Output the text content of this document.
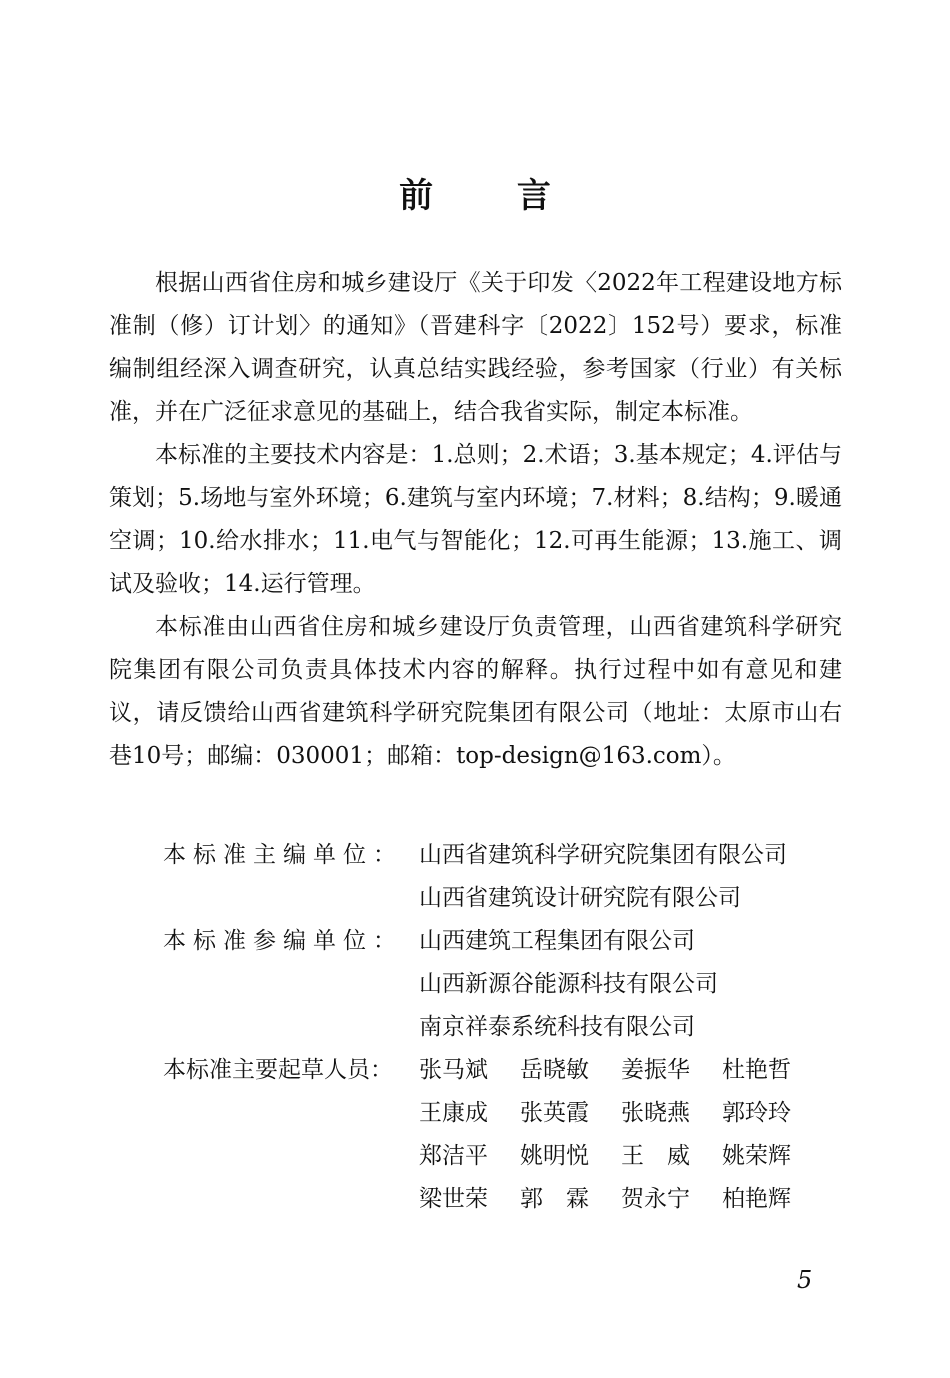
前 言

根据山西省住房和城乡建设厅《关于印发〈2022年工程建设地方标准制（修）订计划〉的通知》（晋建科字〔2022〕152号）要求，标准编制组经深入调查研究，认真总结实践经验，参考国家（行业）有关标准，并在广泛征求意见的基础上，结合我省实际，制定本标准。

本标准的主要技术内容是：1.总则；2.术语；3.基本规定；4.评估与策划；5.场地与室外环境；6.建筑与室内环境；7.材料；8.结构；9.暖通空调；10.给水排水；11.电气与智能化；12.可再生能源；13.施工、调试及验收；14.运行管理。

本标准由山西省住房和城乡建设厅负责管理，山西省建筑科学研究院集团有限公司负责具体技术内容的解释。执行过程中如有意见和建议，请反馈给山西省建筑科学研究院集团有限公司（地址：太原市山右巷10号；邮编：030001；邮箱：top-design@163.com）。

本标准主编单位： 山西省建筑科学研究院集团有限公司
山西省建筑设计研究院有限公司
本标准参编单位： 山西建筑工程集团有限公司
山西新源谷能源科技有限公司
南京祥泰系统科技有限公司
本标准主要起草人员：	张马斌	岳晓敏	姜振华	杜艳哲
王康成	张英霞	张晓燕	郭玲玲
郑洁平	姚明悦	王　威	姚荣辉
梁世荣	郭　霖	贺永宁	柏艳辉
5
